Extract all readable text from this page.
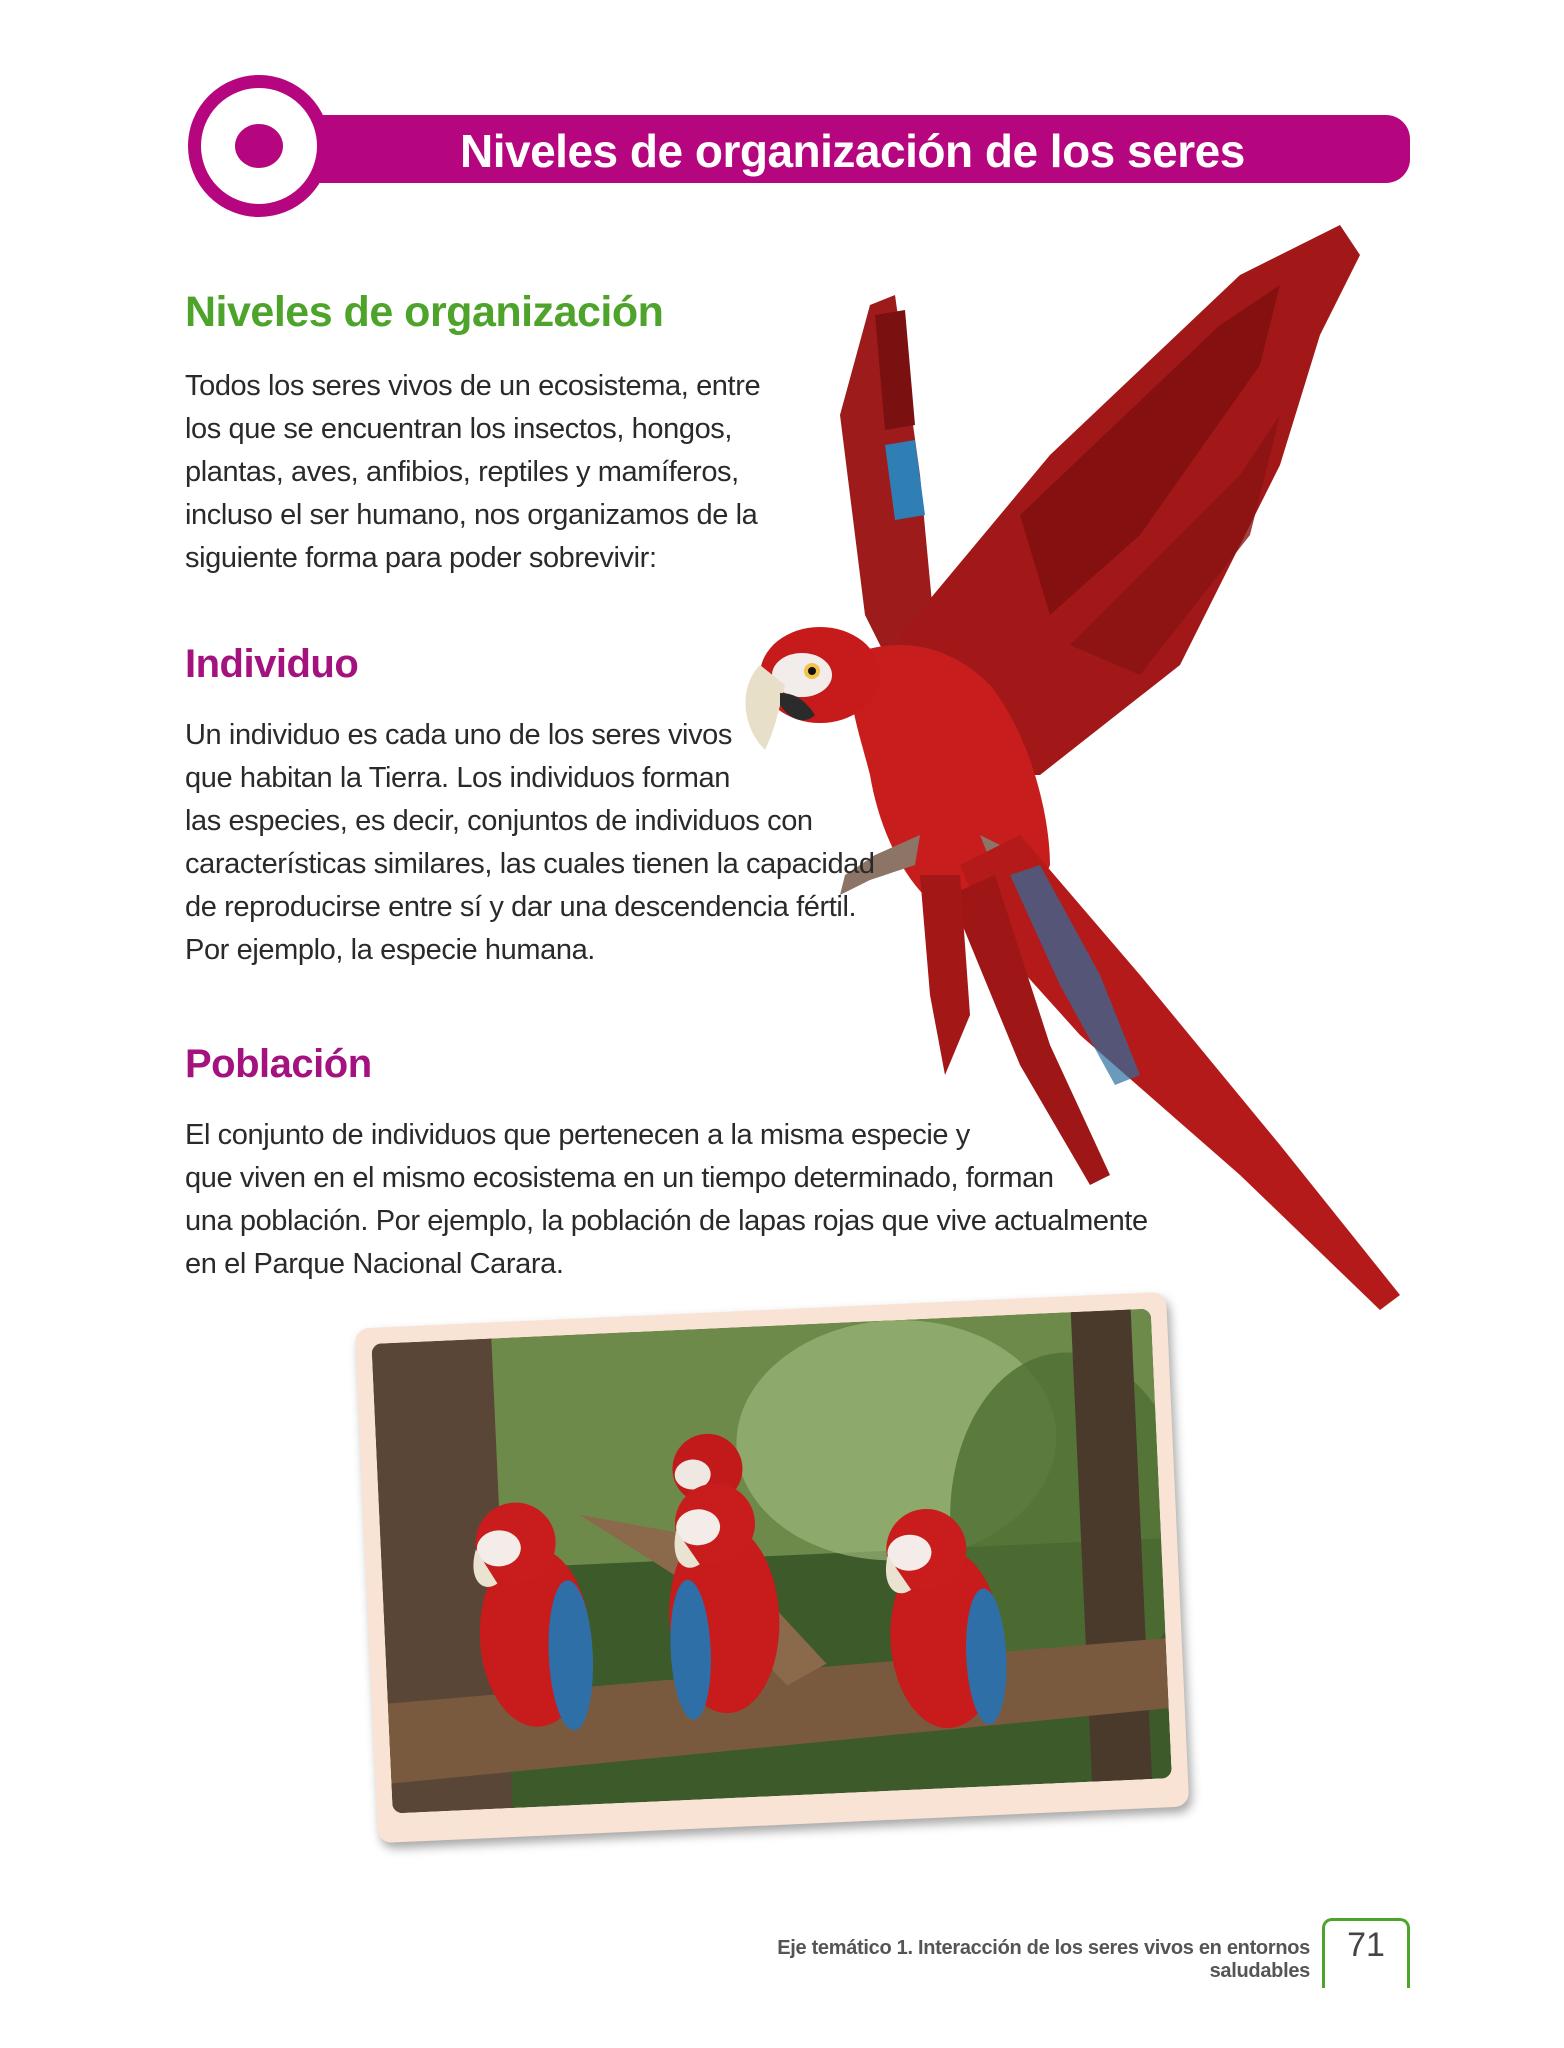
Niveles de organización de los seres vivos
Niveles de organización
Todos los seres vivos de un ecosistema, entre
los que se encuentran los insectos, hongos,
plantas, aves, anfibios, reptiles y mamíferos,
incluso el ser humano, nos organizamos de la
siguiente forma para poder sobrevivir:
Individuo
Un individuo es cada uno de los seres vivos
que habitan la Tierra. Los individuos forman
las especies, es decir, conjuntos de individuos con
características similares, las cuales tienen la capacidad
de reproducirse entre sí y dar una descendencia fértil.
Por ejemplo, la especie humana.
Población
El conjunto de individuos que pertenecen a la misma especie y
que viven en el mismo ecosistema en un tiempo determinado, forman
una población. Por ejemplo, la población de lapas rojas que vive actualmente
en el Parque Nacional Carara.
Eje temático 1. Interacción de los seres vivos en entornos saludables
71
